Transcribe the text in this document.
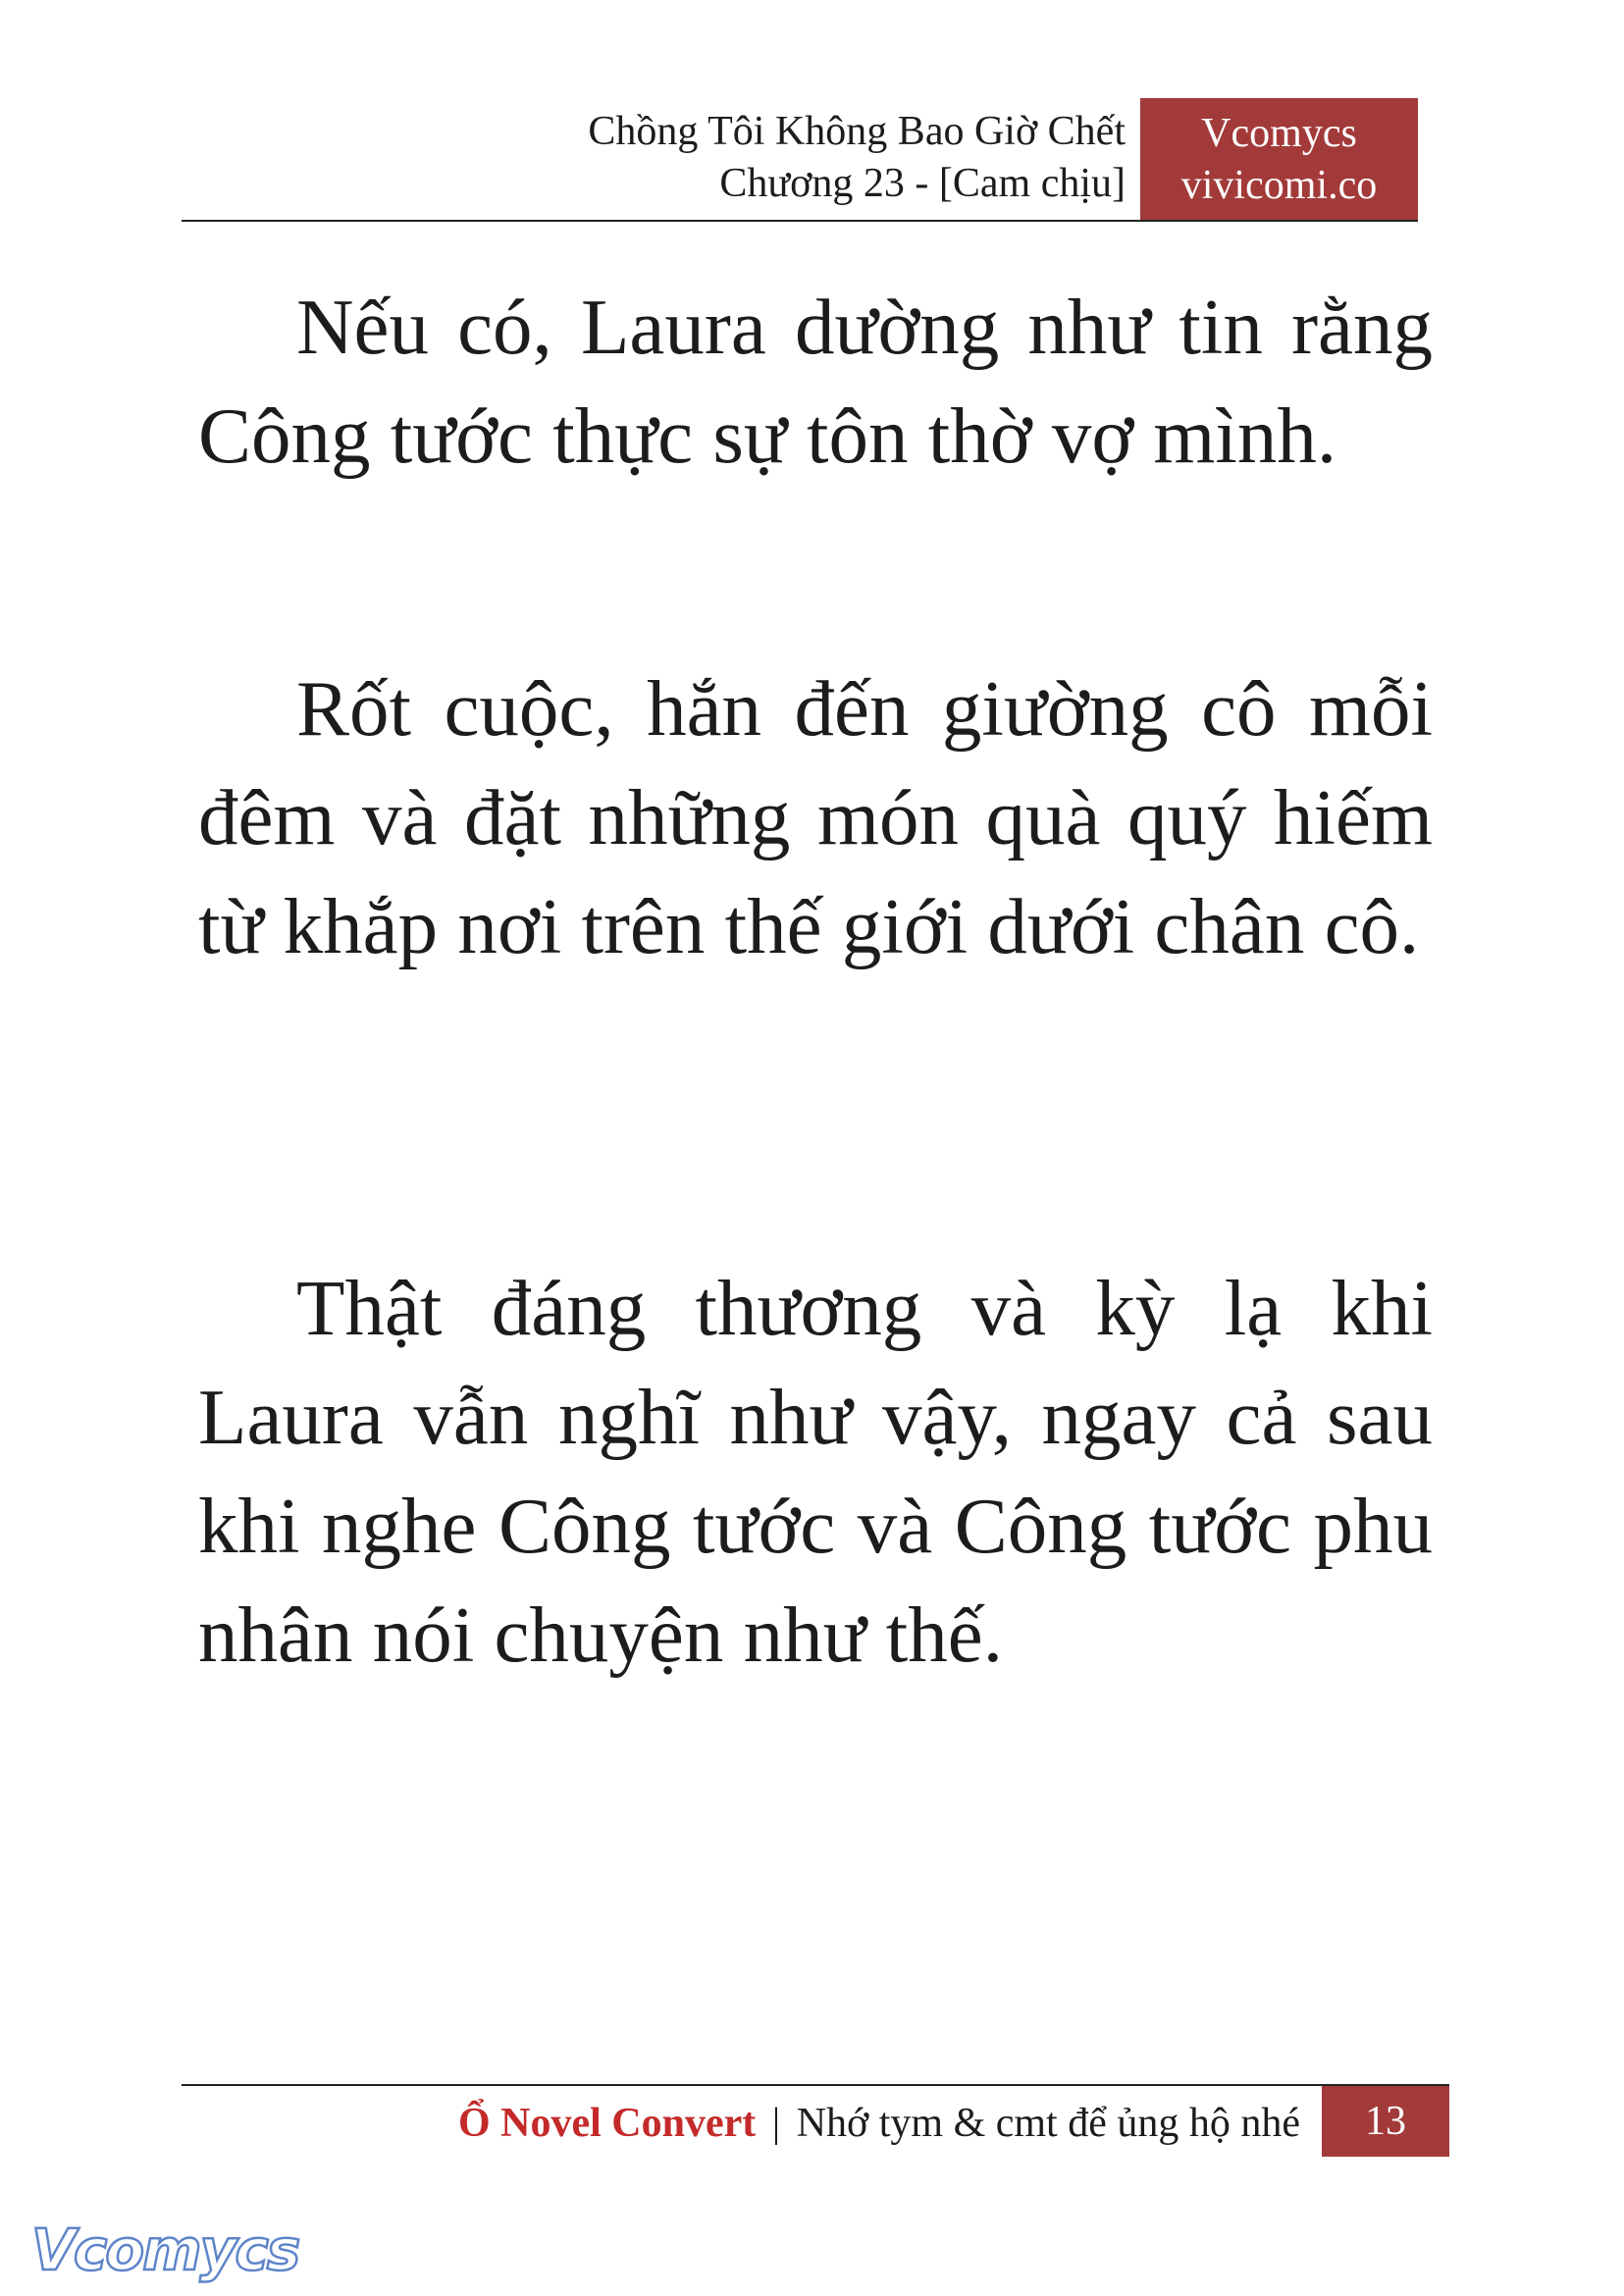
Chồng Tôi Không Bao Giờ Chết
Chương 23 - [Cam chịu]
Vcomycs
vivicomi.co

Nếu có, Laura dường như tin rằng Công tước thực sự tôn thờ vợ mình.

Rốt cuộc, hắn đến giường cô mỗi đêm và đặt những món quà quý hiếm từ khắp nơi trên thế giới dưới chân cô.

Thật đáng thương và kỳ lạ khi Laura vẫn nghĩ như vậy, ngay cả sau khi nghe Công tước và Công tước phu nhân nói chuyện như thế.

Ổ Novel Convert | Nhớ tym & cmt để ủng hộ nhé	13
Vcomycs
